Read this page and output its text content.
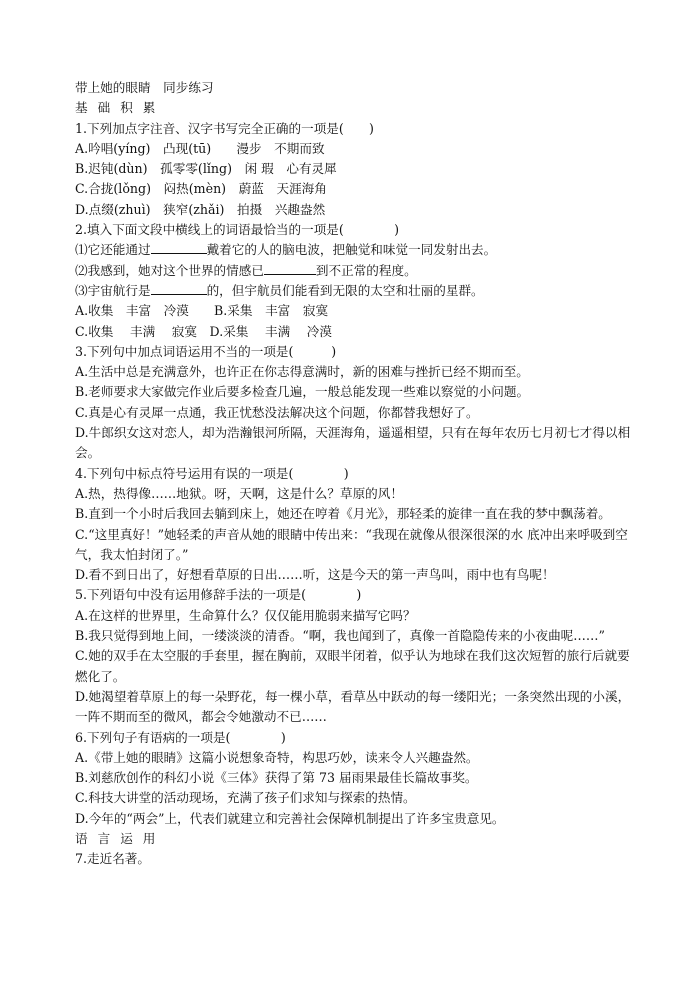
带上她的眼睛　同步练习
基 础 积 累
1.下列加点字注音、汉字书写完全正确的一项是(　　)
A.吟唱(yíng)　凸现(tū)　　漫步　不期而致
B.迟钝(dùn)　孤零零(lǐng)　闲 瑕　心有灵犀
C.合拢(lǒng)　闷热(mèn)　蔚蓝　天涯海角
D.点缀(zhuì)　狭窄(zhǎi)　拍摄　兴趣盎然
2.填入下面文段中横线上的词语最恰当的一项是(　　　　)
⑴它还能通过	戴着它的人的脑电波，把触觉和味觉一同发射出去。
⑵我感到，她对这个世界的情感已	到不正常的程度。
⑶宇宙航行是	的，但宇航员们能看到无限的太空和壮丽的星群。
A.收集　丰富　冷漠　　B.采集　丰富　寂寞
C.收集　 丰满　 寂寞　D.采集　 丰满　 冷漠
3.下列句中加点词语运用不当的一项是(　　　)
A.生活中总是充满意外，也许正在你志得意满时，新的困难与挫折已经不期而至。
B.老师要求大家做完作业后要多检查几遍，一般总能发现一些难以察觉的小问题。
C.真是心有灵犀一点通，我正忧愁没法解决这个问题，你都替我想好了。
D.牛郎织女这对恋人，却为浩瀚银河所隔，天涯海角，遥遥相望，只有在每年农历七月初七才得以相会。
4.下列句中标点符号运用有误的一项是(　　　　)
A.热，热得像……地狱。呀，天啊，这是什么？草原的风！
B.直到一个小时后我回去躺到床上，她还在哼着《月光》，那轻柔的旋律一直在我的梦中飘荡着。
C.“这里真好！”她轻柔的声音从她的眼睛中传出来：“我现在就像从很深很深的水 底冲出来呼吸到空气，我太怕封闭了。”
D.看不到日出了，好想看草原的日出……听，这是今天的第一声鸟叫，雨中也有鸟呢！
5.下列语句中没有运用修辞手法的一项是(　　　　)
A.在这样的世界里，生命算什么？仅仅能用脆弱来描写它吗？
B.我只觉得到地上间，一缕淡淡的清香。“啊，我也闻到了，真像一首隐隐传来的小夜曲呢……”
C.她的双手在太空服的手套里，握在胸前，双眼半闭着，似乎认为地球在我们这次短暂的旅行后就要燃化了。
D.她渴望着草原上的每一朵野花，每一棵小草，看草丛中跃动的每一缕阳光；一条突然出现的小溪，一阵不期而至的微风，都会令她激动不已……
6.下列句子有语病的一项是(　　　　)
A.《带上她的眼睛》这篇小说想象奇特，构思巧妙，读来令人兴趣盎然。
B.刘慈欣创作的科幻小说《三体》获得了第 73 届雨果最佳长篇故事奖。
C.科技大讲堂的活动现场，充满了孩子们求知与探索的热情。
D.今年的“两会”上，代表们就建立和完善社会保障机制提出了许多宝贵意见。
语 言 运 用
7.走近名著。
